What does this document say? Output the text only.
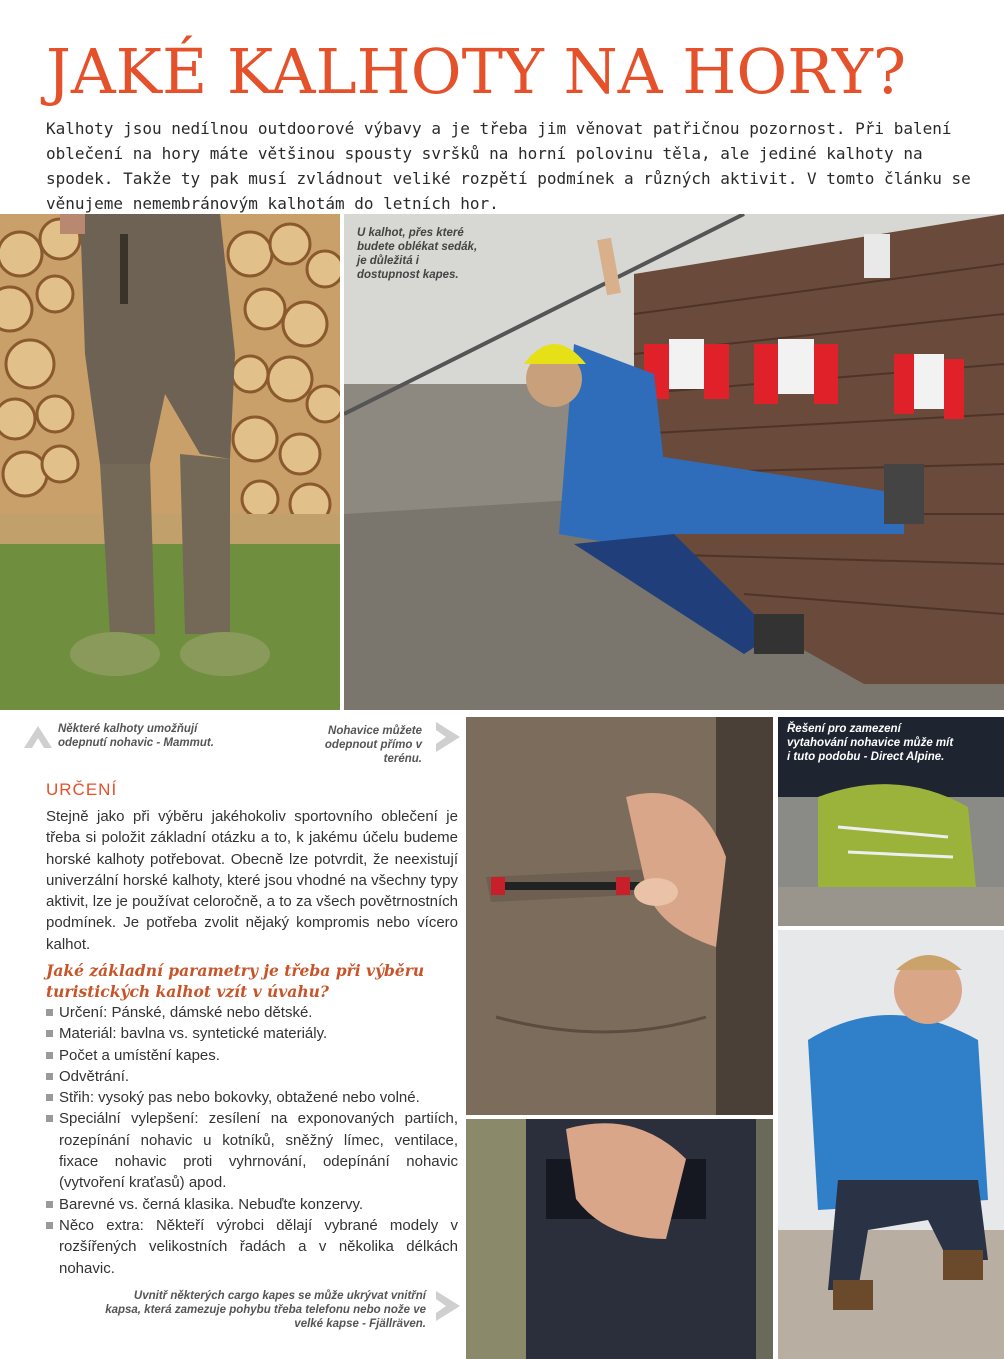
JAKÉ KALHOTY NA HORY?
Kalhoty jsou nedílnou outdoorové výbavy a je třeba jim věnovat patřičnou pozornost. Při balení oblečení na hory máte většinou spousty svršků na horní polovinu těla, ale jediné kalhoty na spodek. Takže ty pak musí zvládnout veliké rozpětí podmínek a různých aktivit. V tomto článku se věnujeme nemembránovým kalhotám do letních hor.
U kalhot, přes které budete oblékat sedák, je důležitá i dostupnost kapes.
Některé kalhoty umožňují odepnutí nohavic - Mammut.
Nohavice můžete odepnout přímo v terénu.
Uvnitř některých cargo kapes se může ukrývat vnitřní kapsa, která zamezuje pohybu třeba telefonu nebo nože ve velké kapse - Fjällräven.
Řešení pro zamezení vytahování nohavice může mít i tuto podobu - Direct Alpine.
URČENÍ
Stejně jako při výběru jakéhokoliv sportovního oblečení je třeba si položit základní otázku a to, k jakému účelu budeme horské kalhoty potřebovat. Obecně lze potvrdit, že neexistují univerzální horské kalhoty, které jsou vhodné na všechny typy aktivit, lze je používat celoročně, a to za všech povětrnostních podmínek. Je potřeba zvolit nějaký kompromis nebo vícero kalhot.
Jaké základní parametry je třeba při výběru turistických kalhot vzít v úvahu?
Určení: Pánské, dámské nebo dětské.
Materiál: bavlna vs. syntetické materiály.
Počet a umístění kapes.
Odvětrání.
Střih: vysoký pas nebo bokovky, obtažené nebo volné.
Speciální vylepšení: zesílení na exponovaných partiích, rozepínání nohavic u kotníků, sněžný límec, ventilace, fixace nohavic proti vyhrnování, odepínání nohavic (vytvoření kraťasů) apod.
Barevné vs. černá klasika. Nebuďte konzervy.
Něco extra: Někteří výrobci dělají vybrané modely v rozšířených velikostních řadách a v několika délkách nohavic.
